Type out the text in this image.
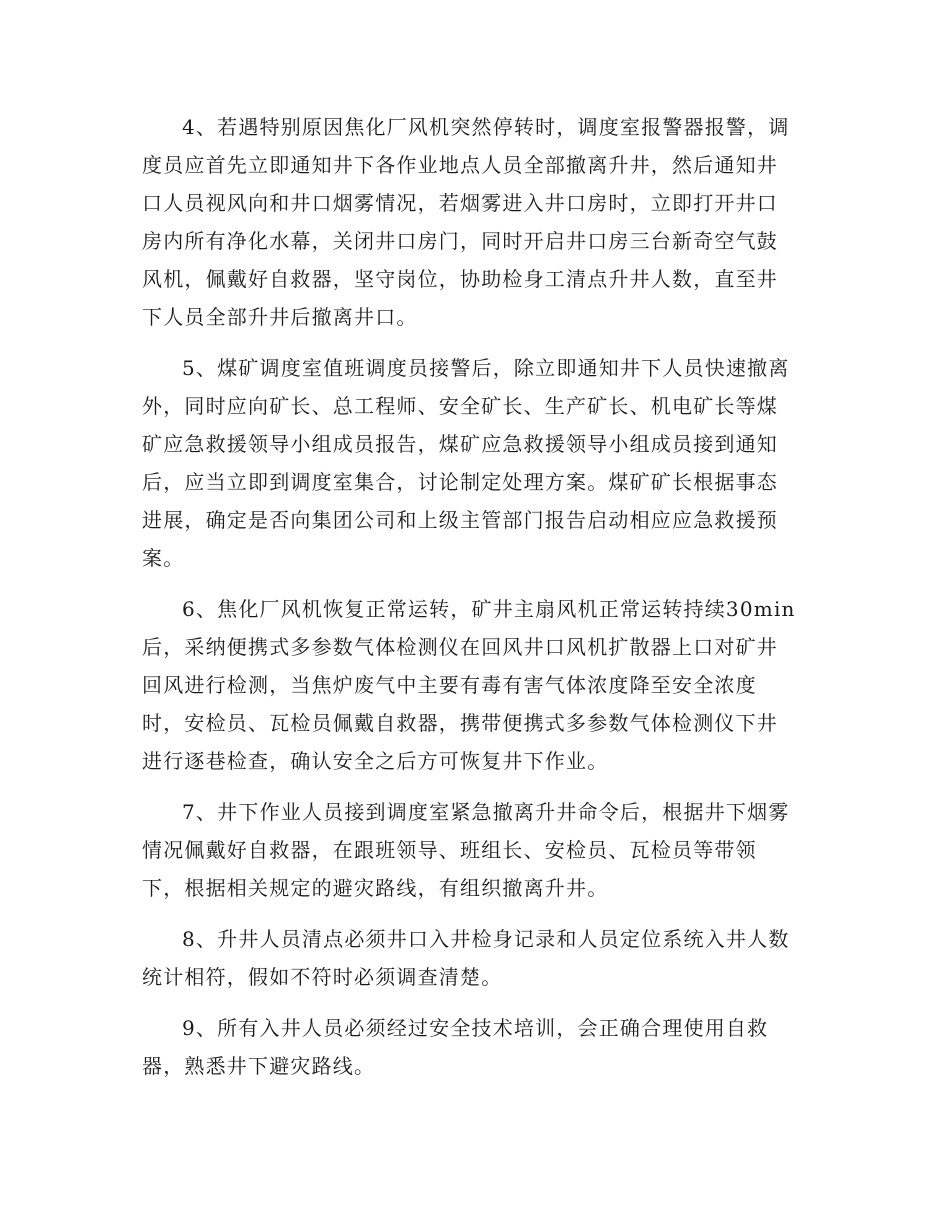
4、若遇特别原因焦化厂风机突然停转时，调度室报警器报警，调
度员应首先立即通知井下各作业地点人员全部撤离升井，然后通知井
口人员视风向和井口烟雾情况，若烟雾进入井口房时，立即打开井口
房内所有净化水幕，关闭井口房门，同时开启井口房三台新奇空气鼓
风机，佩戴好自救器，坚守岗位，协助检身工清点升井人数，直至井
下人员全部升井后撤离井口。
5、煤矿调度室值班调度员接警后，除立即通知井下人员快速撤离
外，同时应向矿长、总工程师、安全矿长、生产矿长、机电矿长等煤
矿应急救援领导小组成员报告，煤矿应急救援领导小组成员接到通知
后，应当立即到调度室集合，讨论制定处理方案。煤矿矿长根据事态
进展，确定是否向集团公司和上级主管部门报告启动相应应急救援预
案。
6、焦化厂风机恢复正常运转，矿井主扇风机正常运转持续30min
后，采纳便携式多参数气体检测仪在回风井口风机扩散器上口对矿井
回风进行检测，当焦炉废气中主要有毒有害气体浓度降至安全浓度
时，安检员、瓦检员佩戴自救器，携带便携式多参数气体检测仪下井
进行逐巷检查，确认安全之后方可恢复井下作业。
7、井下作业人员接到调度室紧急撤离升井命令后，根据井下烟雾
情况佩戴好自救器，在跟班领导、班组长、安检员、瓦检员等带领
下，根据相关规定的避灾路线，有组织撤离升井。
8、升井人员清点必须井口入井检身记录和人员定位系统入井人数
统计相符，假如不符时必须调查清楚。
9、所有入井人员必须经过安全技术培训，会正确合理使用自救
器，熟悉井下避灾路线。
